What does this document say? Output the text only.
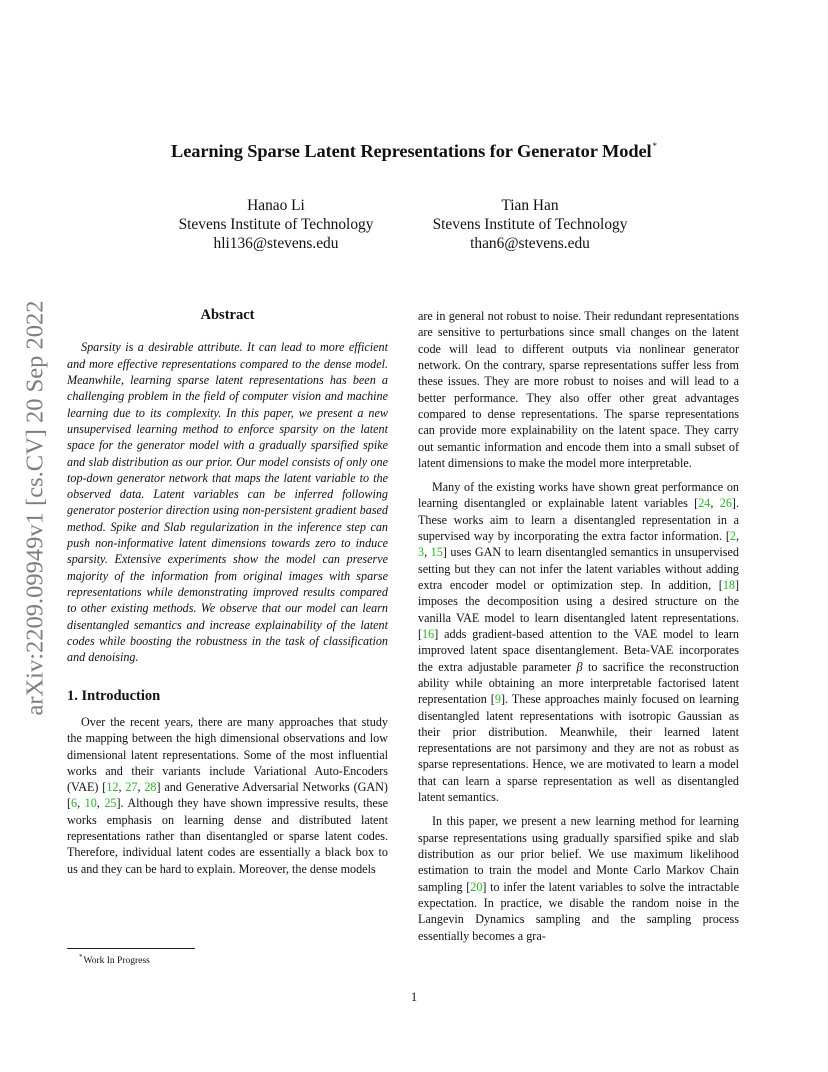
Learning Sparse Latent Representations for Generator Model*
Hanao Li
Stevens Institute of Technology
hli136@stevens.edu
Tian Han
Stevens Institute of Technology
than6@stevens.edu
arXiv:2209.09949v1 [cs.CV] 20 Sep 2022	Abstract

Sparsity is a desirable attribute. It can lead to more efficient and more effective representations compared to the dense model. Meanwhile, learning sparse latent representations has been a challenging problem in the field of computer vision and machine learning due to its complexity. In this paper, we present a new unsupervised learning method to enforce sparsity on the latent space for the generator model with a gradually sparsified spike and slab distribution as our prior. Our model consists of only one top-down generator network that maps the latent variable to the observed data. Latent variables can be inferred following generator posterior direction using non-persistent gradient based method. Spike and Slab regularization in the inference step can push non-informative latent dimensions towards zero to induce sparsity. Extensive experiments show the model can preserve majority of the information from original images with sparse representations while demonstrating improved results compared to other existing methods. We observe that our model can learn disentangled semantics and increase explainability of the latent codes while boosting the robustness in the task of classification and denoising.

1. Introduction

Over the recent years, there are many approaches that study the mapping between the high dimensional observations and low dimensional latent representations. Some of the most influential works and their variants include Variational Auto-Encoders (VAE) [12, 27, 28] and Generative Adversarial Networks (GAN) [6, 10, 25]. Although they have shown impressive results, these works emphasis on learning dense and distributed latent representations rather than disentangled or sparse latent codes. Therefore, individual latent codes are essentially a black box to us and they can be hard to explain. Moreover, the dense models

are in general not robust to noise. Their redundant representations are sensitive to perturbations since small changes on the latent code will lead to different outputs via nonlinear generator network. On the contrary, sparse representations suffer less from these issues. They are more robust to noises and will lead to a better performance. They also offer other great advantages compared to dense representations. The sparse representations can provide more explainability on the latent space. They carry out semantic information and encode them into a small subset of latent dimensions to make the model more interpretable.

Many of the existing works have shown great performance on learning disentangled or explainable latent variables [24, 26]. These works aim to learn a disentangled representation in a supervised way by incorporating the extra factor information. [2, 3, 15] uses GAN to learn disentangled semantics in unsupervised setting but they can not infer the latent variables without adding extra encoder model or optimization step. In addition, [18] imposes the decomposition using a desired structure on the vanilla VAE model to learn disentangled latent representations. [16] adds gradient-based attention to the VAE model to learn improved latent space disentanglement. Beta-VAE incorporates the extra adjustable parameter β to sacrifice the reconstruction ability while obtaining an more interpretable factorised latent representation [9]. These approaches mainly focused on learning disentangled latent representations with isotropic Gaussian as their prior distribution. Meanwhile, their learned latent representations are not parsimony and they are not as robust as sparse representations. Hence, we are motivated to learn a model that can learn a sparse representation as well as disentangled latent semantics.

In this paper, we present a new learning method for learning sparse representations using gradually sparsified spike and slab distribution as our prior belief. We use maximum likelihood estimation to train the model and Monte Carlo Markov Chain sampling [20] to infer the latent variables to solve the intractable expectation. In practice, we disable the random noise in the Langevin Dynamics sampling and the sampling process essentially becomes a gra-

*Work In Progress
1
